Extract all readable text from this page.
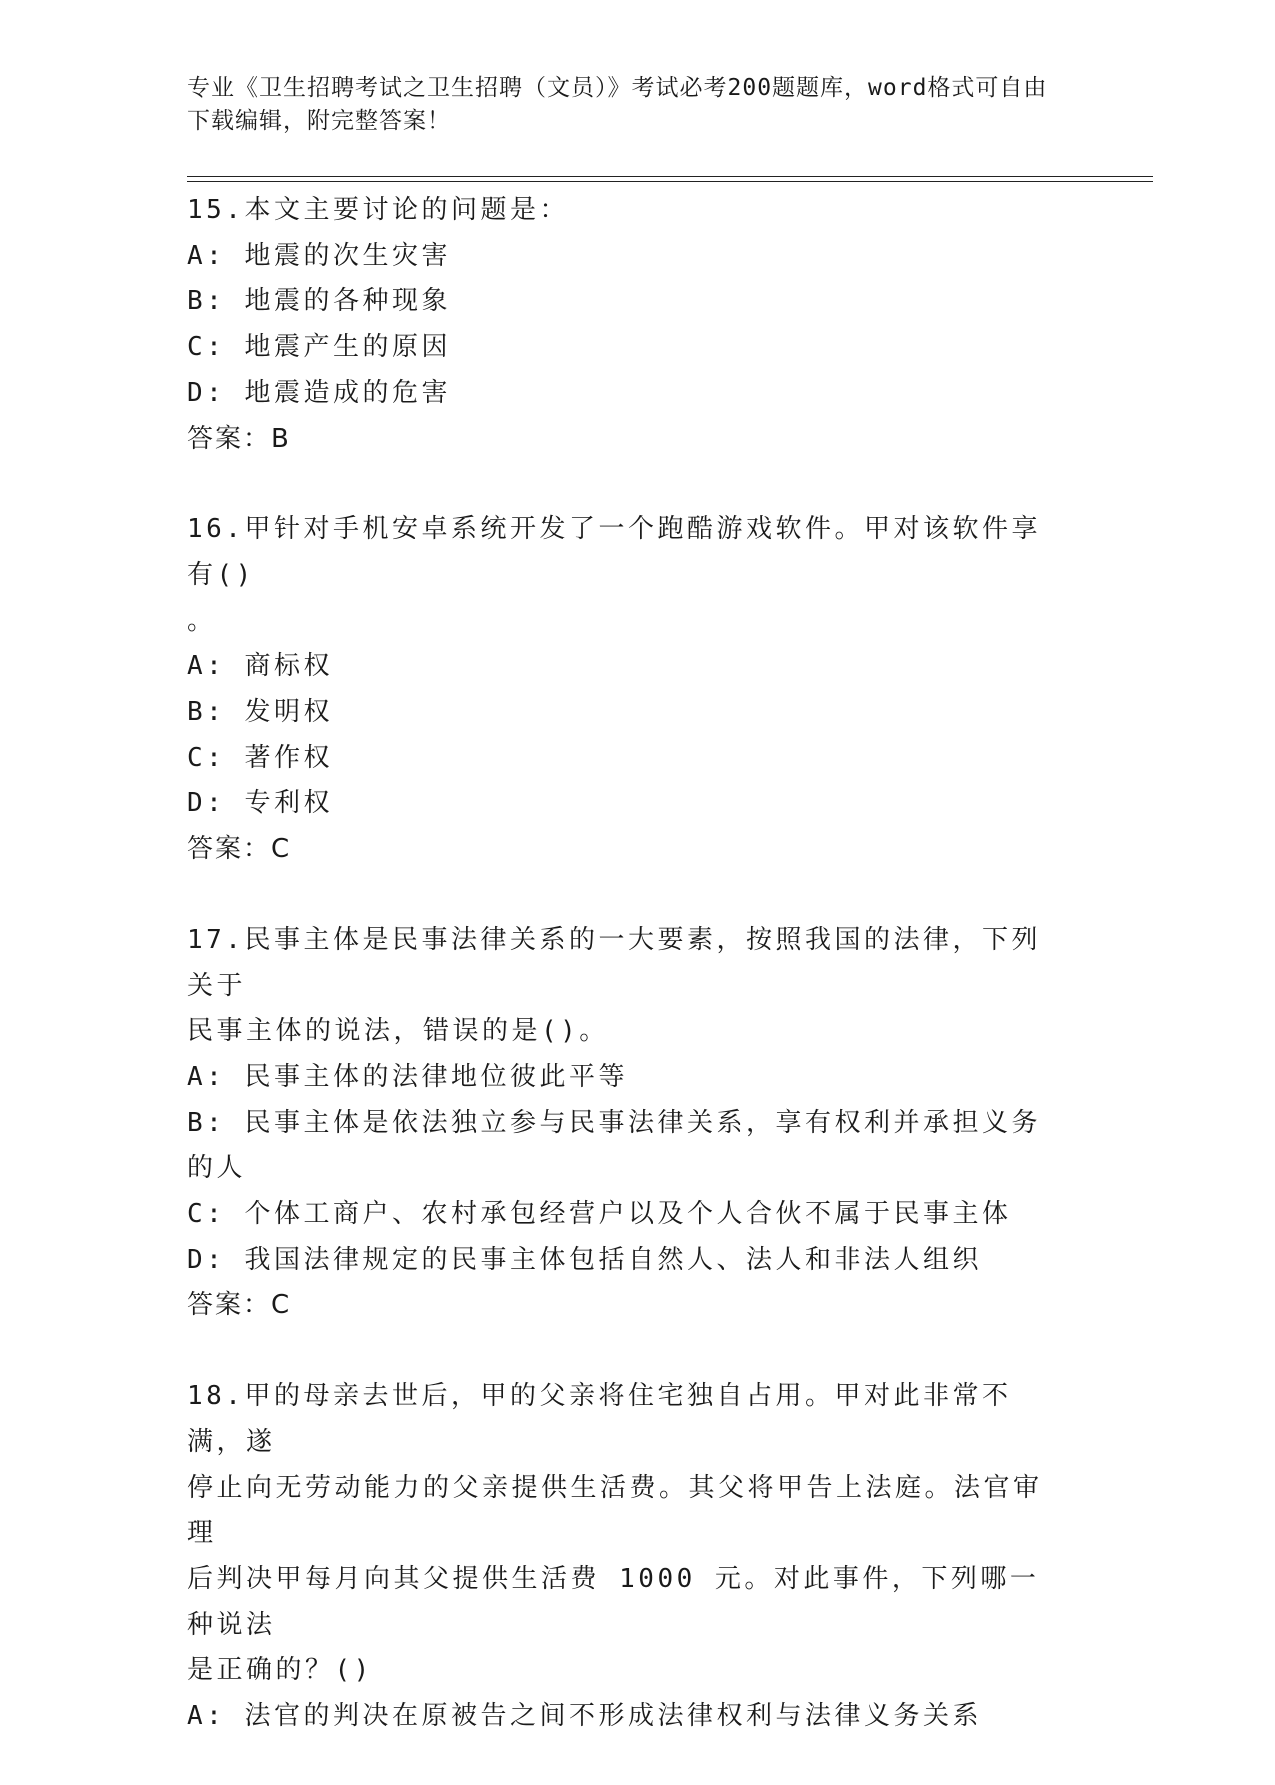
专业《卫生招聘考试之卫生招聘（文员）》考试必考200题题库，word格式可自由下载编辑，附完整答案！

15.本文主要讨论的问题是：

A: 地震的次生灾害

B: 地震的各种现象

C: 地震产生的原因

D: 地震造成的危害

答案：B

16.甲针对手机安卓系统开发了一个跑酷游戏软件。甲对该软件享有()

。

A: 商标权

B: 发明权

C: 著作权

D: 专利权

答案：C

17.民事主体是民事法律关系的一大要素，按照我国的法律，下列关于

民事主体的说法，错误的是()。

A: 民事主体的法律地位彼此平等

B: 民事主体是依法独立参与民事法律关系，享有权利并承担义务的人

C: 个体工商户、农村承包经营户以及个人合伙不属于民事主体

D: 我国法律规定的民事主体包括自然人、法人和非法人组织

答案：C

18.甲的母亲去世后，甲的父亲将住宅独自占用。甲对此非常不满，遂

停止向无劳动能力的父亲提供生活费。其父将甲告上法庭。法官审理

后判决甲每月向其父提供生活费 1000 元。对此事件，下列哪一种说法

是正确的？()

A: 法官的判决在原被告之间不形成法律权利与法律义务关系
